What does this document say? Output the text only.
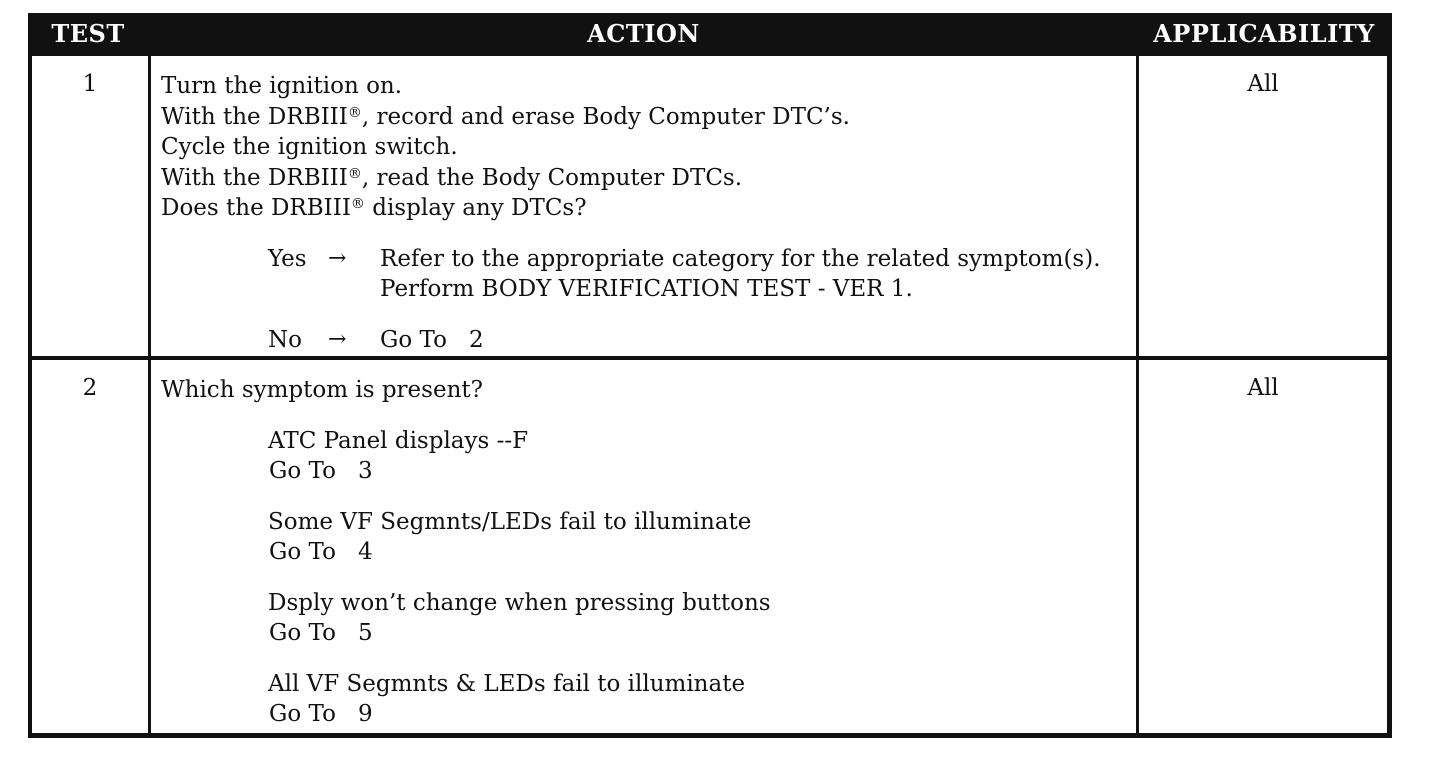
TEST	ACTION	APPLICABILITY
1	Turn the ignition on.
With the DRBIII®, record and erase Body Computer DTC’s.
Cycle the ignition switch.
With the DRBIII®, read the Body Computer DTCs.
Does the DRBIII® display any DTCs?
Yes →	Refer to the appropriate category for the related symptom(s).
Perform BODY VERIFICATION TEST - VER 1.
No	→	Go To 2
All
2	Which symptom is present?
ATC Panel displays --F
Go To 3
Some VF Segmnts/LEDs fail to illuminate
Go To 4
Dsply won’t change when pressing buttons
Go To 5
All VF Segmnts & LEDs fail to illuminate
Go To 9
All
